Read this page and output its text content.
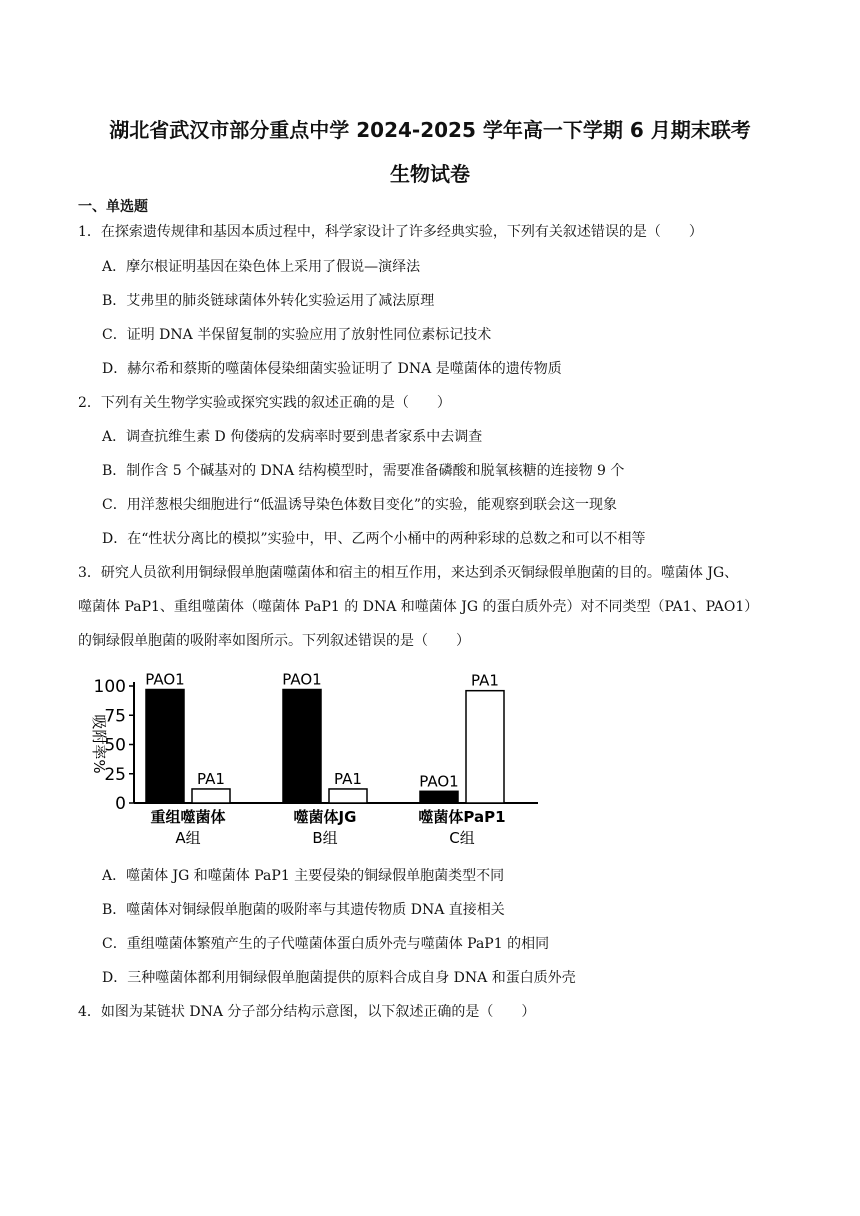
湖北省武汉市部分重点中学 2024-2025 学年高一下学期 6 月期末联考
生物试卷
一、单选题
1．在探索遗传规律和基因本质过程中，科学家设计了许多经典实验，下列有关叙述错误的是（　　）
A．摩尔根证明基因在染色体上采用了假说—演绎法
B．艾弗里的肺炎链球菌体外转化实验运用了减法原理
C．证明 DNA 半保留复制的实验应用了放射性同位素标记技术
D．赫尔希和蔡斯的噬菌体侵染细菌实验证明了 DNA 是噬菌体的遗传物质
2．下列有关生物学实验或探究实践的叙述正确的是（　　）
A．调查抗维生素 D 佝偻病的发病率时要到患者家系中去调查
B．制作含 5 个碱基对的 DNA 结构模型时，需要准备磷酸和脱氧核糖的连接物 9 个
C．用洋葱根尖细胞进行“低温诱导染色体数目变化”的实验，能观察到联会这一现象
D．在“性状分离比的模拟”实验中，甲、乙两个小桶中的两种彩球的总数之和可以不相等
3．研究人员欲利用铜绿假单胞菌噬菌体和宿主的相互作用，来达到杀灭铜绿假单胞菌的目的。噬菌体 JG、
噬菌体 PaP1、重组噬菌体（噬菌体 PaP1 的 DNA 和噬菌体 JG 的蛋白质外壳）对不同类型（PA1、PAO1）
的铜绿假单胞菌的吸附率如图所示。下列叙述错误的是（　　）
0
25
50
75
100
吸附率%
PAO1
PA1
重组噬菌体
A组
PAO1
PA1
噬菌体JG
B组
PAO1
PA1
噬菌体PaP1
C组
A．噬菌体 JG 和噬菌体 PaP1 主要侵染的铜绿假单胞菌类型不同
B．噬菌体对铜绿假单胞菌的吸附率与其遗传物质 DNA 直接相关
C．重组噬菌体繁殖产生的子代噬菌体蛋白质外壳与噬菌体 PaP1 的相同
D．三种噬菌体都利用铜绿假单胞菌提供的原料合成自身 DNA 和蛋白质外壳
4．如图为某链状 DNA 分子部分结构示意图，以下叙述正确的是（　　）
